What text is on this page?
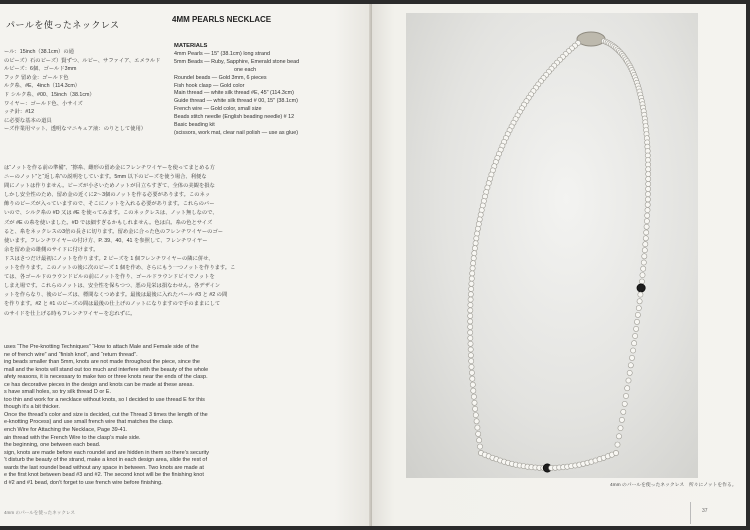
パールを使ったネックレス
ール：15inch（38.1cm）の通
のビーズ）石のビーズ）賢ずつ、ルビー、サファイア、エメラルド
ルビーズ：6個、ゴールド3mm
フック 留め金：ゴールド色
ルク糸、#E、4inch（114.3cm）
ド シルク糸、#00、15inch（38.1cm）
ワイヤー：ゴールド色、小サイズ
ッチ針：#12
に必要な基本の道具
ーズ作業用マット、透明なマニキュア液：のりとして使用）
は“ノットを作る前の準備”、“擦糸、雌形の留め金にフレンチワイヤーを使ってまとめる方
ニーのノット”と“返し糸”の説明をしています。5mm 以下のビーズを使う場合、利便な
間にノットは作りません。ビーズが小さいためノットが目立ちすぎて、全体の美観を損な
しかし安全性のため、留め金の近くに2～3個のノットを作る必要があります。このネッ
飾りのビーズが入っていますので、そこにノットを入れる必要があります。これらのバー
いので、シルク糸の #D 又は #E を使ってみます。このネックレスは、ノット無しなので、
ズが #E の糸を使いました。#D では細すぎるかもしれません。色は白。糸の色とサイズ
ると、糸をネックレスの3倍の長さに切ります。留め金に合った色のフレンチワイヤーのゴー
使います。フレンチワイヤーの付け方、P. 39、40、41 を参照して、フレンチワイヤー
余を留め金の雄側のサイドに付けます。
ドスはさつだけ最初にノットを作ります。2 ビーズを 1 個フレンチワイヤーの隣に併せ、
ットを作ります。このノットの後に次のビーズ 1 個を作め、さらにもう一つノットを作ります。こ
ては、各ゴールドのラウンドビルの前にノットを作り、ゴールドラウンドビイでノットを
しまえ場です。これらのノットは、安全性を保ちつつ、悪の見栄は損なわせん。各デザイン
ットを作らなり、後のビーズは、標間なくつめます。最後は最後に入れたパール #3 と #2 の間
を作ります。#2 と #1 のビーズの間は最後の仕上げのノットになりますので手のままにして
のサイドを仕上げる時もフレンチワイヤーを忘れずに。
uses “The Pre-knotting Techniques” “How to attach Male and Female side of the
ne of french wire” and “finish knot”, and “return thread”.
ing beads smaller than 5mm, knots are not made throughout the piece, since the
mall and the knots will stand out too much and interfere with the beauty of the whole
afety reasons, it is necessary to make two or three knots near the ends of the clasp.
ce has decorative pieces in the design and knots can be made at these areas.
s have small holes, so try silk thread D or E.
too thin and work for a necklace without knots, so I decided to use thread E for this
though it’s a bit thicker.
Once the thread’s color and size is decided, cut the Thread 3 times the length of the
e-knotting Process) and use small french wire that matches the clasp.
ench Wire for Attaching the Necklace, Page 39-41.
ain thread with the French Wire to the clasp’s male side.
the beginning, one between each bead.
sign, knots are made before each roundel and are hidden in them so there’s security
’t disturb the beauty of the strand, make a knot in each design area, slide the rest of
wards the last roundel bead without any space in between. Two knots are made at
e the first knot between bead #3 and #2. The second knot will be the finishing knot
d #2 and #1 bead, don’t forget to use french wire before finishing.
4mm のパールを使ったネックレス
4mm のパールを使ったネックレス　所々にノットを作る。
37
4MM PEARLS NECKLACE
MATERIALS
4mm Pearls — 15" (38.1cm) long strand
5mm Beads — Ruby, Sapphire, Emerald stone bead
one each
Roundel beads — Gold 3mm, 6 pieces
Fish hook clasp — Gold color
Main thread — white silk thread #E, 45" (114.3cm)
Guide thread — white silk thread # 00, 15" (38.1cm)
French wire — Gold color, small size
Beads stitch needle (English beading needle) # 12
Basic beading kit
(scissors, work mat, clear nail polish — use as glue)
